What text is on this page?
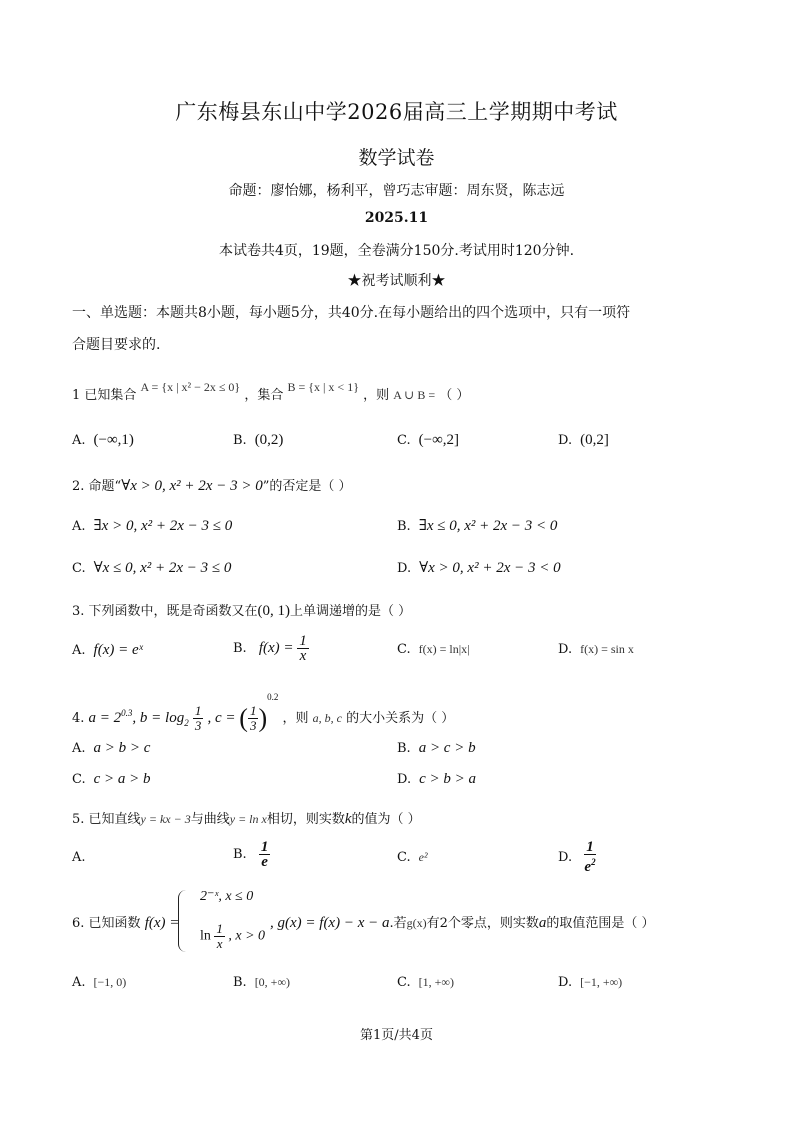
广东梅县东山中学2026届高三上学期期中考试
数学试卷
命题：廖怡娜，杨利平，曾巧志审题：周东贤，陈志远
2025.11
本试卷共4页，19题，全卷满分150分.考试用时120分钟.
★祝考试顺利★
一、单选题：本题共8小题，每小题5分，共40分.在每小题给出的四个选项中，只有一项符
合题目要求的.
1 已知集合 A = {x | x² − 2x ≤ 0} ，集合 B = {x | x < 1} ，则 A ∪ B = （ ）
A. (−∞,1)	B. (0,2)	C. (−∞,2]	D. (0,2]
2. 命题“∀x > 0, x² + 2x − 3 > 0”的否定是（ ）
A. ∃x > 0, x² + 2x − 3 ≤ 0	B. ∃x ≤ 0, x² + 2x − 3 < 0
C. ∀x ≤ 0, x² + 2x − 3 ≤ 0	D. ∀x > 0, x² + 2x − 3 < 0
3. 下列函数中，既是奇函数又在(0, 1)上单调递增的是（ ）
A. f(x) = eˣ	B. $f(x) = \frac{1}{x}$	C. f(x) = ln|x|	D. f(x) = sin x
4. $a = 2^{0.3}$, $b = \log_2 \frac{1}{3}$ , c = ( $\frac{1}{3} )^{0.2}$ ，则 a, b, c 的大小关系为（ ）
A. a > b > c	B. a > c > b
C. c > a > b	D. c > b > a
5. 已知直线y = kx − 3与曲线y = ln x相切，则实数k的值为（ ）
A.	B. $\frac{1}{e}$	C. e²	D. $\frac{1}{e^2}$
6. 已知函数 f(x) =
2⁻ˣ, x ≤ 0
$\ln \frac{1}{x}$ , x > 0
, g(x) = f(x) − x − a.若g(x)有2个零点，则实数a的取值范围是（ ）
A. [−1, 0)	B. [0, +∞)	C. [1, +∞)	D. [−1, +∞)
第1页/共4页
